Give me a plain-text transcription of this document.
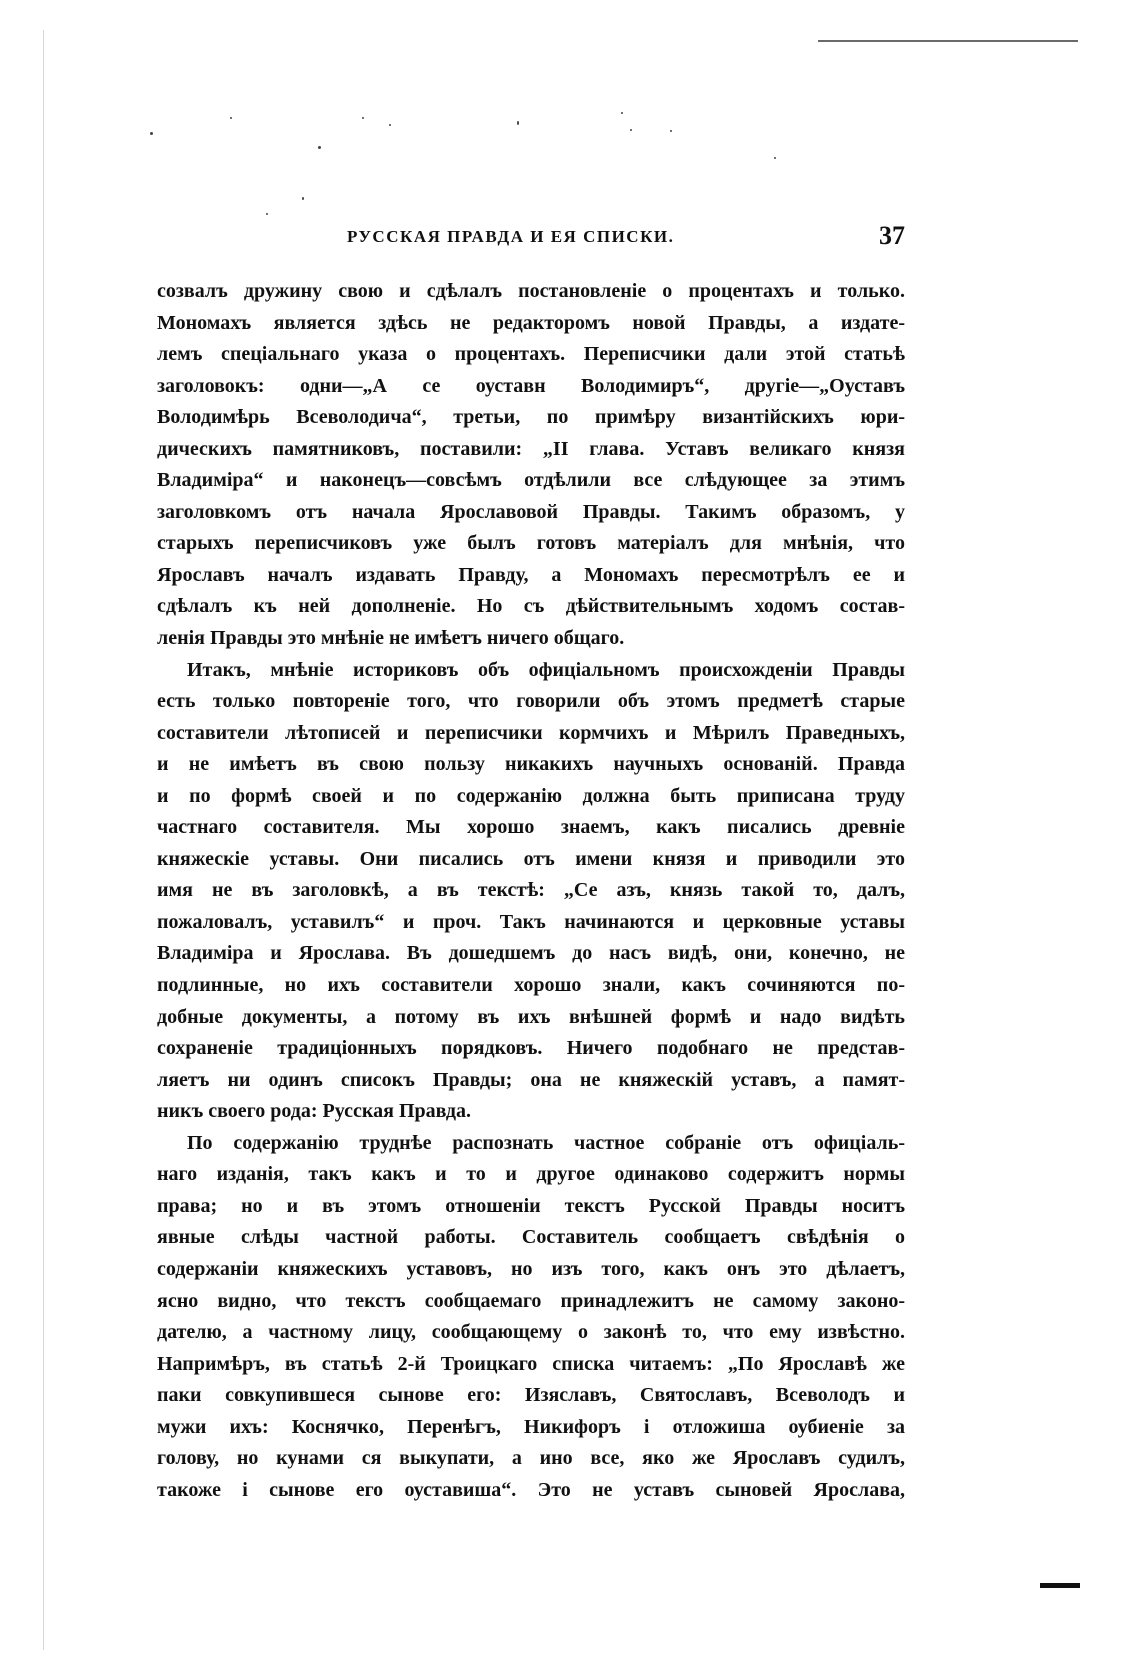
РУССКАЯ ПРАВДА И ЕЯ СПИСКИ.	37
созвалъ дружину свою и сдѣлалъ постановленіе о процентахъ и только.
Мономахъ является здѣсь не редакторомъ новой Правды, а издате-
лемъ спеціальнаго указа о процентахъ. Переписчики дали этой статьѣ
заголовокъ: одни—„А се оуставн Володимиръ“, другіе—„Оуставъ
Володимѣрь Всеволодича“, третьи, по примѣру византійскихъ юри-
дическихъ памятниковъ, поставили: „II глава. Уставъ великаго князя
Владиміра“ и наконецъ—совсѣмъ отдѣлили все слѣдующее за этимъ
заголовкомъ отъ начала Ярославовой Правды. Такимъ образомъ, у
старыхъ переписчиковъ уже былъ готовъ матеріалъ для мнѣнія, что
Ярославъ началъ издавать Правду, а Мономахъ пересмотрѣлъ ее и
сдѣлалъ къ ней дополненіе. Но съ дѣйствительнымъ ходомъ состав-
ленія Правды это мнѣніе не имѣетъ ничего общаго.
Итакъ, мнѣніе историковъ объ офиціальномъ происхожденіи Правды
есть только повтореніе того, что говорили объ этомъ предметѣ старые
составители лѣтописей и переписчики кормчихъ и Мѣрилъ Праведныхъ,
и не имѣетъ въ свою пользу никакихъ научныхъ основаній. Правда
и по формѣ своей и по содержанію должна быть приписана труду
частнаго составителя. Мы хорошо знаемъ, какъ писались древніе
княжескіе уставы. Они писались отъ имени князя и приводили это
имя не въ заголовкѣ, а въ текстѣ: „Се азъ, князь такой то, далъ,
пожаловалъ, уставилъ“ и проч. Такъ начинаются и церковные уставы
Владиміра и Ярослава. Въ дошедшемъ до насъ видѣ, они, конечно, не
подлинные, но ихъ составители хорошо знали, какъ сочиняются по-
добные документы, а потому въ ихъ внѣшней формѣ и надо видѣть
сохраненіе традиціонныхъ порядковъ. Ничего подобнаго не представ-
ляетъ ни одинъ списокъ Правды; она не княжескій уставъ, а памят-
никъ своего рода: Русская Правда.
По содержанію труднѣе распознать частное собраніе отъ офиціаль-
наго изданія, такъ какъ и то и другое одинаково содержитъ нормы
права; но и въ этомъ отношеніи текстъ Русской Правды носитъ
явные слѣды частной работы. Составитель сообщаетъ свѣдѣнія о
содержаніи княжескихъ уставовъ, но изъ того, какъ онъ это дѣлаетъ,
ясно видно, что текстъ сообщаемаго принадлежитъ не самому законо-
дателю, а частному лицу, сообщающему о законѣ то, что ему извѣстно.
Напримѣръ, въ статьѣ 2-й Троицкаго списка читаемъ: „По Ярославѣ же
паки совкупившеся сынове его: Изяславъ, Святославъ, Всеволодъ и
мужи ихъ: Коснячко, Перенѣгъ, Никифоръ і отложиша оубиеніе за
голову, но кунами ся выкупати, а ино все, яко же Ярославъ судилъ,
такоже і сынове его оуставиша“. Это не уставъ сыновей Ярослава,
